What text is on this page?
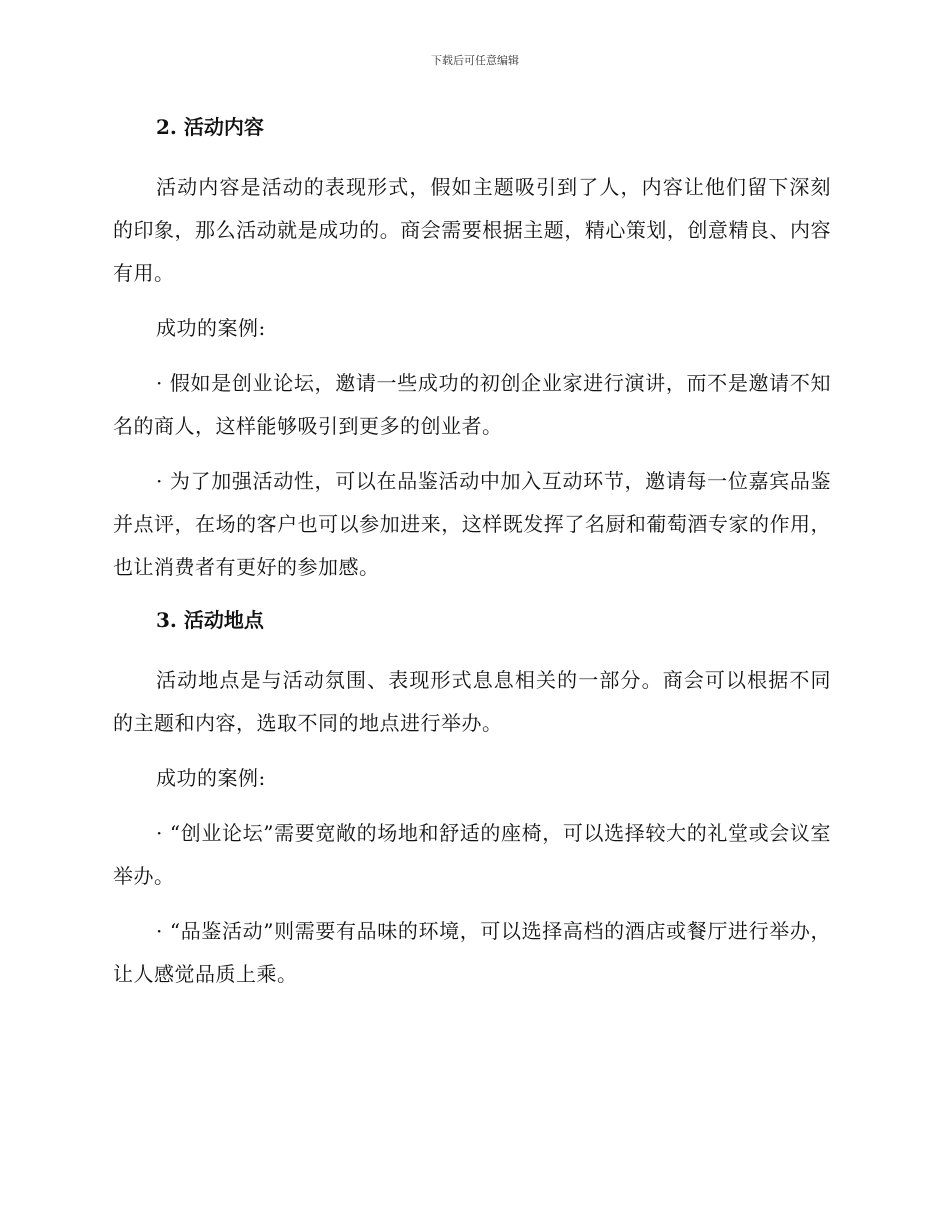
下载后可任意编辑
2. 活动内容

活动内容是活动的表现形式，假如主题吸引到了人，内容让他们留下深刻的印象，那么活动就是成功的。商会需要根据主题，精心策划，创意精良、内容有用。

成功的案例:

· 假如是创业论坛，邀请一些成功的初创企业家进行演讲，而不是邀请不知名的商人，这样能够吸引到更多的创业者。

· 为了加强活动性，可以在品鉴活动中加入互动环节，邀请每一位嘉宾品鉴并点评，在场的客户也可以参加进来，这样既发挥了名厨和葡萄酒专家的作用， 也让消费者有更好的参加感。

3. 活动地点

活动地点是与活动氛围、表现形式息息相关的一部分。商会可以根据不同的主题和内容，选取不同的地点进行举办。

成功的案例:

· “创业论坛”需要宽敞的场地和舒适的座椅，可以选择较大的礼堂或会议室举办。

· “品鉴活动”则需要有品味的环境，可以选择高档的酒店或餐厅进行举办，让人感觉品质上乘。
